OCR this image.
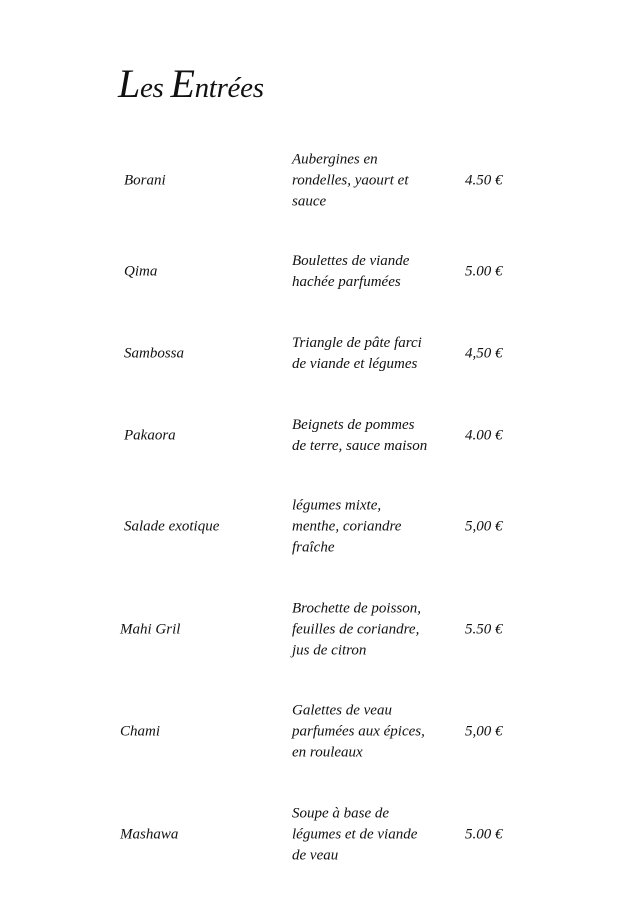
Les Entrées
Borani
Aubergines en
rondelles, yaourt et
sauce
4.50 €
Qima
Boulettes de viande
hachée parfumées
5.00 €
Sambossa
Triangle de pâte farci
de viande et légumes
4,50 €
Pakaora
Beignets de pommes
de terre, sauce maison
4.00 €
Salade exotique
légumes mixte,
menthe, coriandre
fraîche
5,00 €
Mahi Gril
Brochette de poisson,
feuilles de coriandre,
jus de citron
5.50 €
Chami
Galettes de veau
parfumées aux épices,
en rouleaux
5,00 €
Mashawa
Soupe à base de
légumes et de viande
de veau
5.00 €
